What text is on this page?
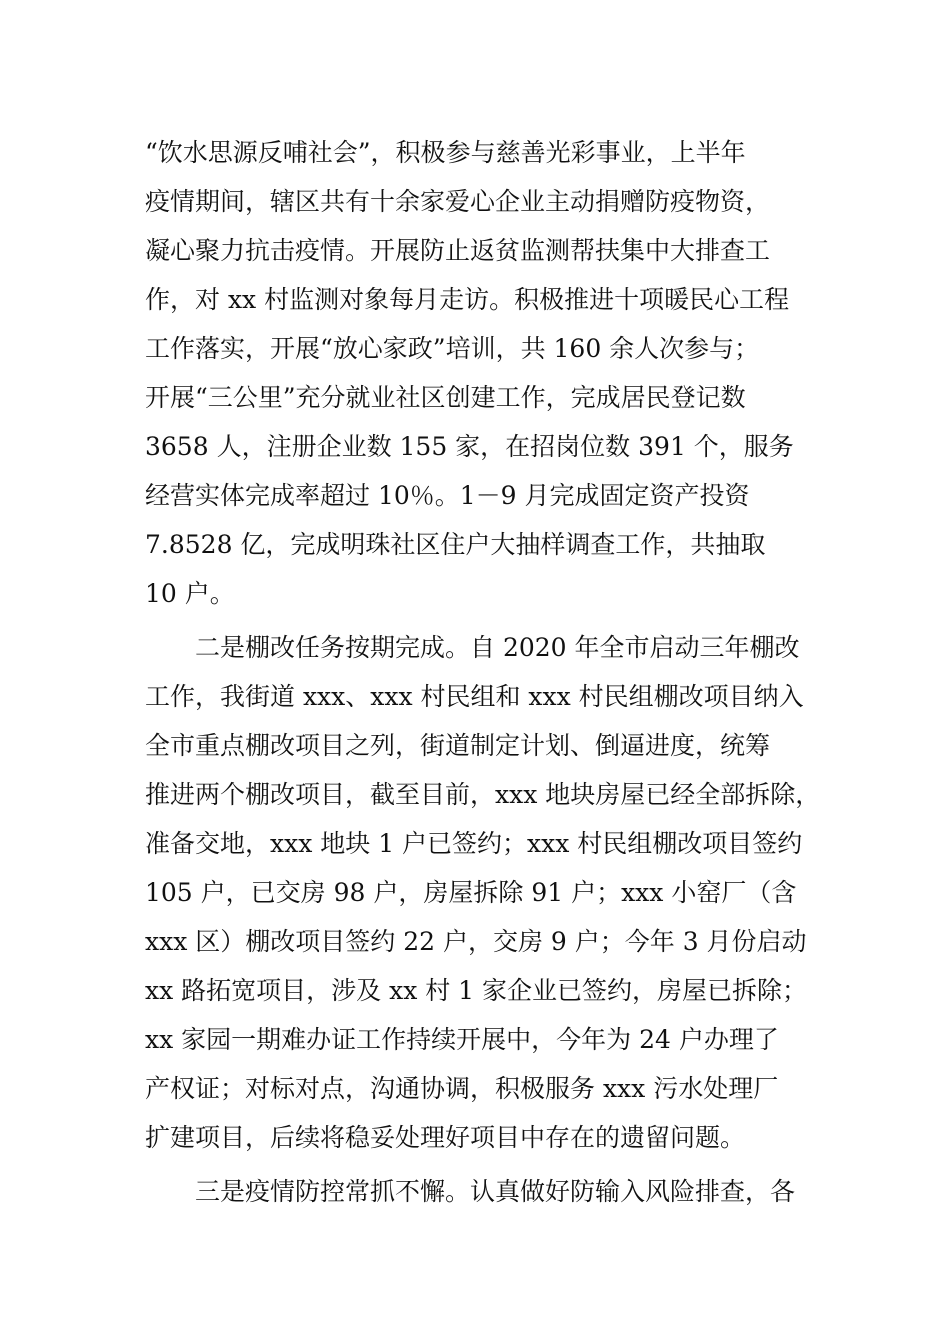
“饮水思源反哺社会”，积极参与慈善光彩事业，上半年
疫情期间，辖区共有十余家爱心企业主动捐赠防疫物资，
凝心聚力抗击疫情。开展防止返贫监测帮扶集中大排查工
作，对 xx 村监测对象每月走访。积极推进十项暖民心工程
工作落实，开展“放心家政”培训，共 160 余人次参与；
开展“三公里”充分就业社区创建工作，完成居民登记数
3658 人，注册企业数 155 家，在招岗位数 391 个，服务
经营实体完成率超过 10％。1－9 月完成固定资产投资
7.8528 亿，完成明珠社区住户大抽样调查工作，共抽取
10 户。
二是棚改任务按期完成。自 2020 年全市启动三年棚改
工作，我街道 xxx、xxx 村民组和 xxx 村民组棚改项目纳入
全市重点棚改项目之列，街道制定计划、倒逼进度，统筹
推进两个棚改项目，截至目前，xxx 地块房屋已经全部拆除，
准备交地，xxx 地块 1 户已签约；xxx 村民组棚改项目签约
105 户，已交房 98 户，房屋拆除 91 户；xxx 小窑厂（含
xxx 区）棚改项目签约 22 户，交房 9 户；今年 3 月份启动
xx 路拓宽项目，涉及 xx 村 1 家企业已签约，房屋已拆除；
xx 家园一期难办证工作持续开展中，今年为 24 户办理了
产权证；对标对点，沟通协调，积极服务 xxx 污水处理厂
扩建项目，后续将稳妥处理好项目中存在的遗留问题。
三是疫情防控常抓不懈。认真做好防输入风险排查，各
